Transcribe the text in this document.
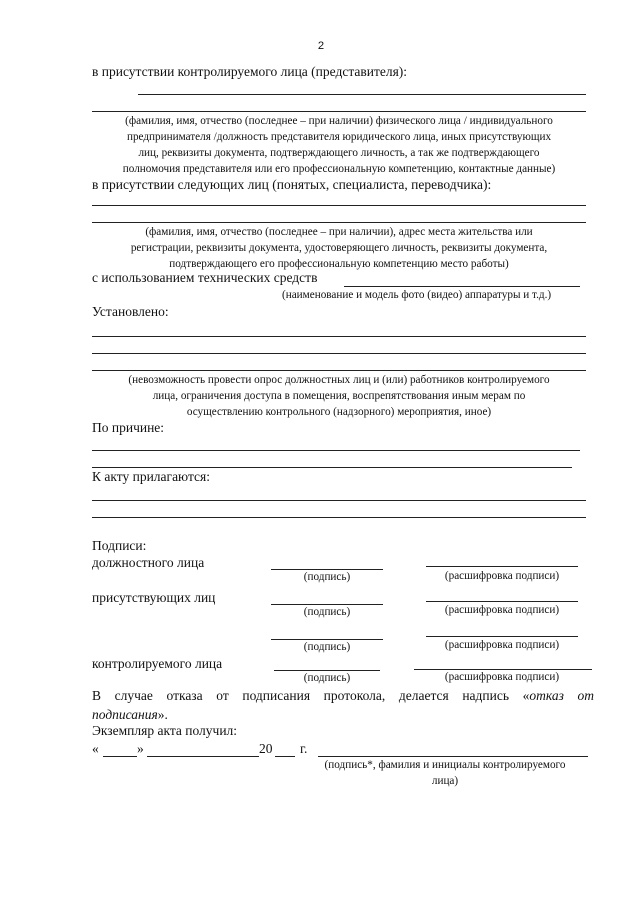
2
в присутствии контролируемого лица (представителя):
(фамилия, имя, отчество (последнее – при наличии) физического лица / индивидуального
предпринимателя /должность представителя юридического лица, иных присутствующих
лиц, реквизиты документа, подтверждающего личность, а так же подтверждающего
полномочия представителя или его профессиональную компетенцию, контактные данные)
в присутствии следующих лиц (понятых, специалиста, переводчика):
(фамилия, имя, отчество (последнее – при наличии), адрес места жительства или
регистрации, реквизиты документа, удостоверяющего личность, реквизиты документа,
подтверждающего его профессиональную компетенцию место работы)
с использованием технических средств
(наименование и модель фото (видео) аппаратуры и т.д.)
Установлено:
(невозможность провести опрос должностных лиц и (или) работников контролируемого
лица, ограничения доступа в помещения, воспрепятствования иным мерам по
осуществлению контрольного (надзорного) мероприятия, иное)
По причине:
К акту прилагаются:
Подписи:
должностного лица
(подпись)	(расшифровка подписи)
присутствующих лиц
(подпись)	(расшифровка подписи)
(подпись)	(расшифровка подписи)
контролируемого лица
(подпись)	(расшифровка подписи)
В случае отказа от подписания протокола, делается надпись «отказ от
подписания».
Экземпляр акта получил:
«	»	20 г.
(подпись*, фамилия и инициалы контролируемого
лица)
